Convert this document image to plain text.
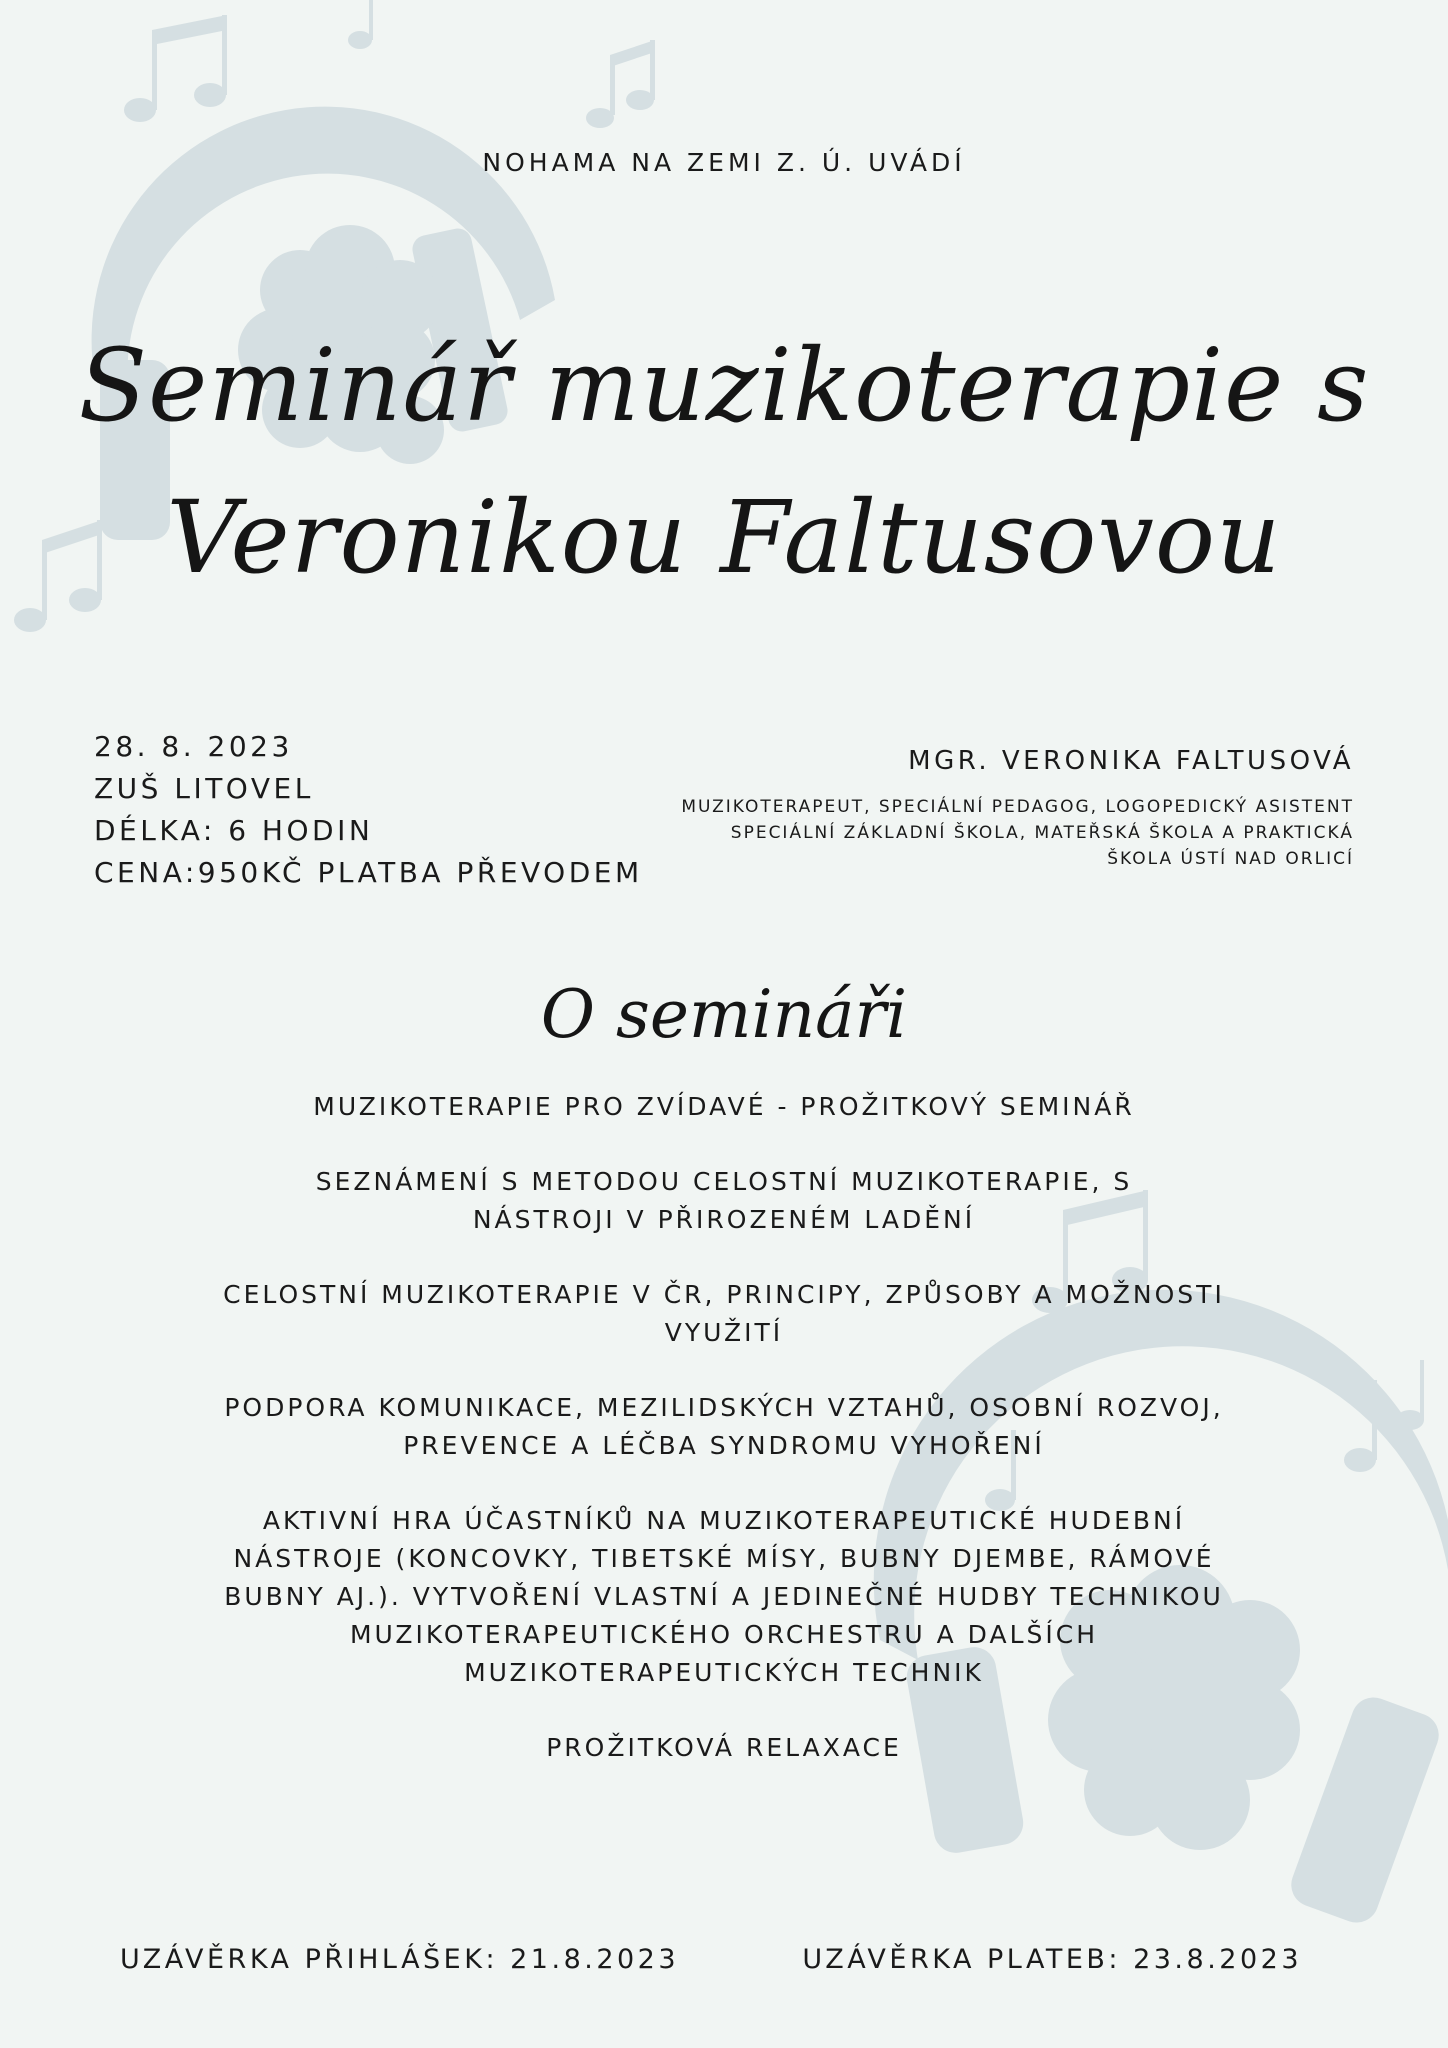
NOHAMA NA ZEMI Z. Ú. UVÁDÍ
Seminář muzikoterapie s
Veronikou Faltusovou
28. 8. 2023
ZUŠ LITOVEL
DÉLKA: 6 HODIN
CENA:950KČ PLATBA PŘEVODEM
MGR. VERONIKA FALTUSOVÁ
MUZIKOTERAPEUT, SPECIÁLNÍ PEDAGOG, LOGOPEDICKÝ ASISTENT
SPECIÁLNÍ ZÁKLADNÍ ŠKOLA, MATEŘSKÁ ŠKOLA A PRAKTICKÁ ŠKOLA ÚSTÍ NAD ORLICÍ
O semináři

MUZIKOTERAPIE PRO ZVÍDAVÉ - PROŽITKOVÝ SEMINÁŘ

SEZNÁMENÍ S METODOU CELOSTNÍ MUZIKOTERAPIE, S NÁSTROJI V PŘIROZENÉM LADĚNÍ

CELOSTNÍ MUZIKOTERAPIE V ČR, PRINCIPY, ZPŮSOBY A MOŽNOSTI VYUŽITÍ

PODPORA KOMUNIKACE, MEZILIDSKÝCH VZTAHŮ, OSOBNÍ ROZVOJ, PREVENCE A LÉČBA SYNDROMU VYHOŘENÍ

AKTIVNÍ HRA ÚČASTNÍKŮ NA MUZIKOTERAPEUTICKÉ HUDEBNÍ NÁSTROJE (KONCOVKY, TIBETSKÉ MÍSY, BUBNY DJEMBE, RÁMOVÉ BUBNY AJ.). VYTVOŘENÍ VLASTNÍ A JEDINEČNÉ HUDBY TECHNIKOU MUZIKOTERAPEUTICKÉHO ORCHESTRU A DALŠÍCH MUZIKOTERAPEUTICKÝCH TECHNIK

PROŽITKOVÁ RELAXACE

UZÁVĚRKA PŘIHLÁŠEK: 21.8.2023	UZÁVĚRKA PLATEB: 23.8.2023
